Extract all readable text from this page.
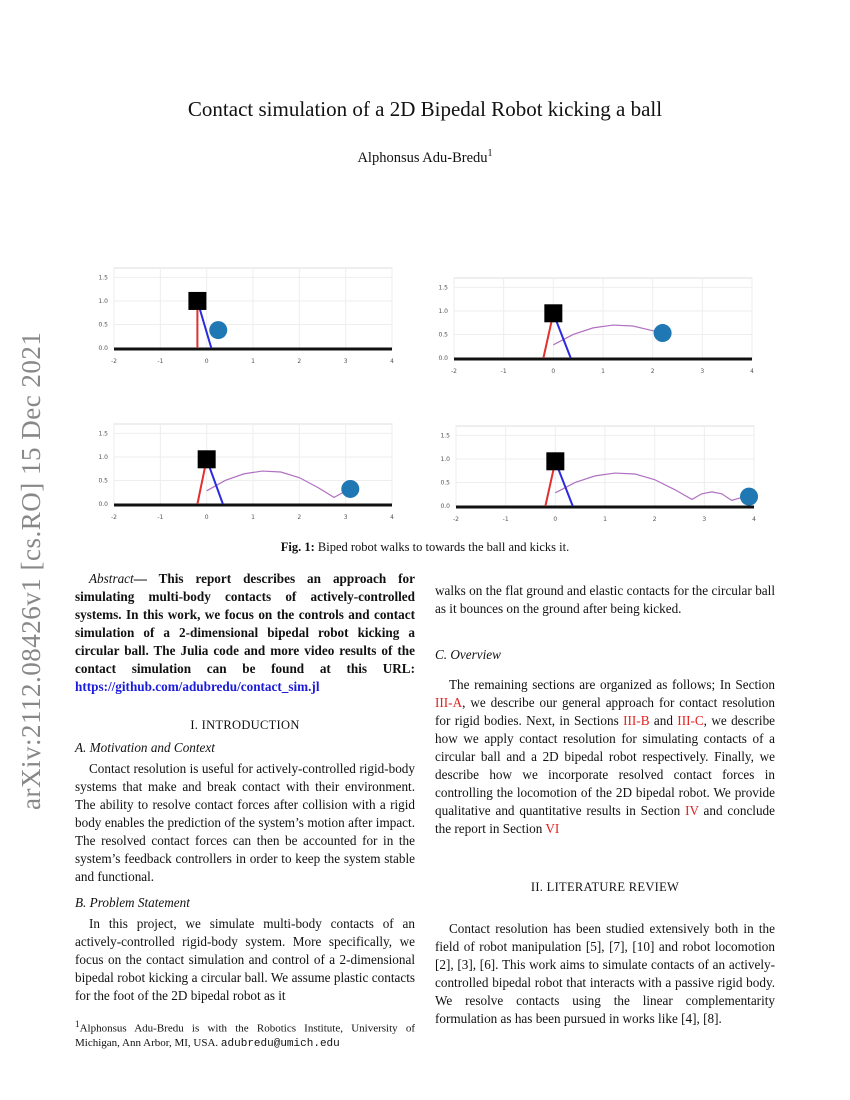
arXiv:2112.08426v1 [cs.RO] 15 Dec 2021
Contact simulation of a 2D Bipedal Robot kicking a ball
Alphonsus Adu-Bredu$^1$
-2	-1	0	1	2	3	4
0.0
0.5
1.0
1.5
-2	-1	0	1	2	3	4
0.0
0.5
1.0
1.5
-2	-1	0	1	2	3	4
0.0
0.5
1.0
1.5
-2	-1	0	1	2	3	4
0.0
0.5
1.0
1.5
Fig. 1: Biped robot walks to towards the ball and kicks it.

Abstract— This report describes an approach for simulating multi-body contacts of actively-controlled systems. In this work, we focus on the controls and contact simulation of a 2-dimensional bipedal robot kicking a circular ball. The Julia code and more video results of the contact simulation can be found at this URL: https://github.com/adubredu/contact_sim.jl

I. INTRODUCTION
A. Motivation and Context

Contact resolution is useful for actively-controlled rigid-body systems that make and break contact with their environment. The ability to resolve contact forces after collision with a rigid body enables the prediction of the system’s motion after impact. The resolved contact forces can then be accounted for in the system’s feedback controllers in order to keep the system stable and functional.

B. Problem Statement

In this project, we simulate multi-body contacts of an actively-controlled rigid-body system. More specifically, we focus on the contact simulation and control of a 2-dimensional bipedal robot kicking a circular ball. We assume plastic contacts for the foot of the 2D bipedal robot as it

$^1$Alphonsus Adu-Bredu is with the Robotics Institute, University of Michigan, Ann Arbor, MI, USA. adubredu@umich.edu

walks on the flat ground and elastic contacts for the circular ball as it bounces on the ground after being kicked.

C. Overview

The remaining sections are organized as follows; In Section III-A, we describe our general approach for contact resolution for rigid bodies. Next, in Sections III-B and III-C, we describe how we apply contact resolution for simulating contacts of a circular ball and a 2D bipedal robot respectively. Finally, we describe how we incorporate resolved contact forces in controlling the locomotion of the 2D bipedal robot. We provide qualitative and quantitative results in Section IV and conclude the report in Section VI

II. LITERATURE REVIEW

Contact resolution has been studied extensively both in the field of robot manipulation [5], [7], [10] and robot locomotion [2], [3], [6]. This work aims to simulate contacts of an actively-controlled bipedal robot that interacts with a passive rigid body. We resolve contacts using the linear complementarity formulation as has been pursued in works like [4], [8].
